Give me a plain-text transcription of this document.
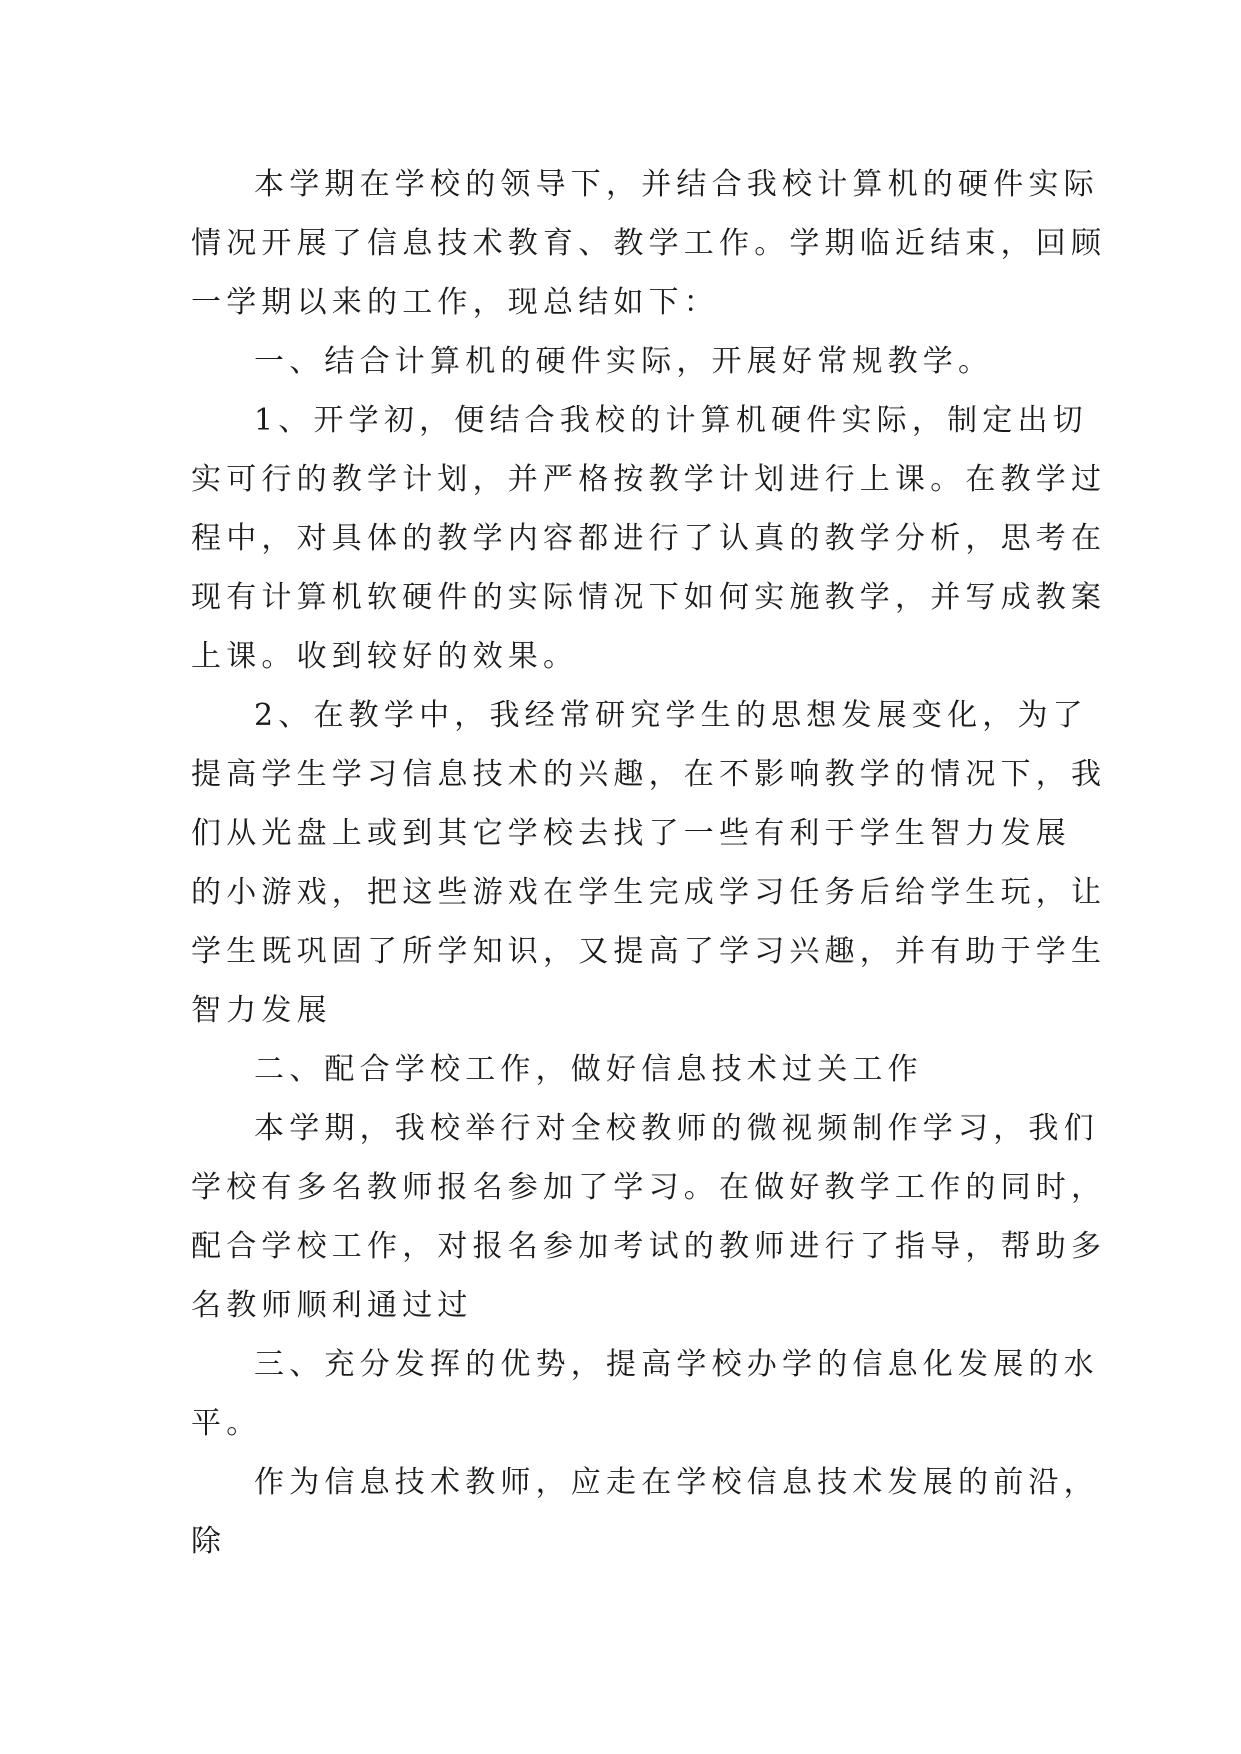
本学期在学校的领导下，并结合我校计算机的硬件实际
情况开展了信息技术教育、教学工作。学期临近结束，回顾
一学期以来的工作，现总结如下：
一、结合计算机的硬件实际，开展好常规教学。
1、开学初，便结合我校的计算机硬件实际，制定出切
实可行的教学计划，并严格按教学计划进行上课。在教学过
程中，对具体的教学内容都进行了认真的教学分析，思考在
现有计算机软硬件的实际情况下如何实施教学，并写成教案
上课。收到较好的效果。
2、在教学中，我经常研究学生的思想发展变化，为了
提高学生学习信息技术的兴趣，在不影响教学的情况下，我
们从光盘上或到其它学校去找了一些有利于学生智力发展
的小游戏，把这些游戏在学生完成学习任务后给学生玩，让
学生既巩固了所学知识，又提高了学习兴趣，并有助于学生
智力发展
二、配合学校工作，做好信息技术过关工作
本学期，我校举行对全校教师的微视频制作学习，我们
学校有多名教师报名参加了学习。在做好教学工作的同时，
配合学校工作，对报名参加考试的教师进行了指导，帮助多
名教师顺利通过过
三、充分发挥的优势，提高学校办学的信息化发展的水
平。
作为信息技术教师，应走在学校信息技术发展的前沿，
除
